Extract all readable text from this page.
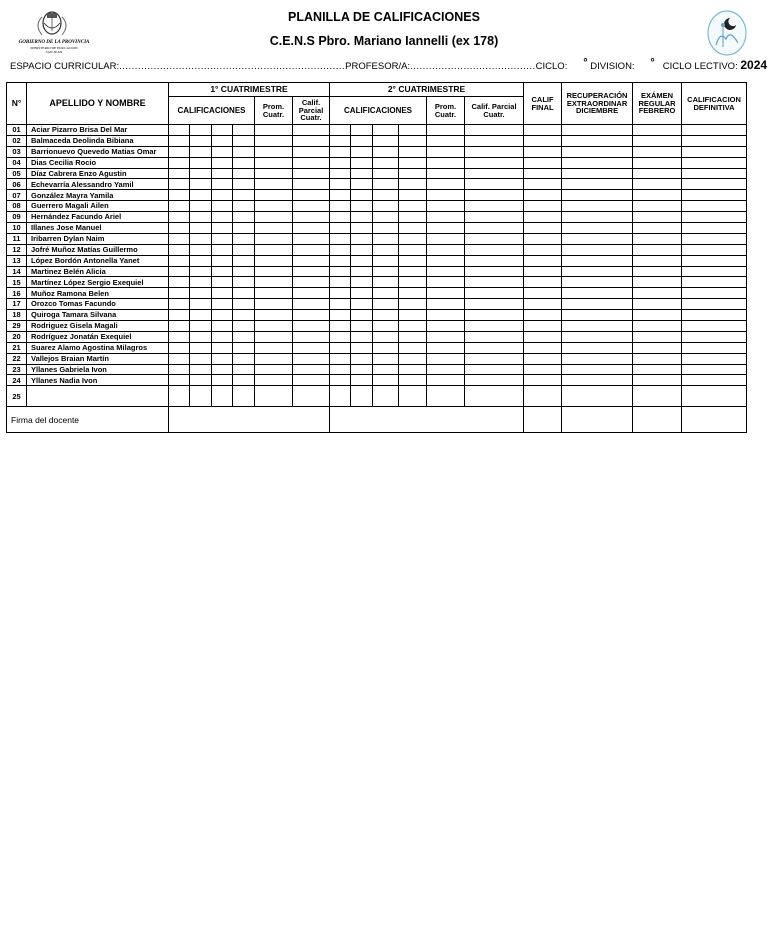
GOBIERNO DE LA PROVINCIA
MINISTERIO DE EDUCACION
SAN JUAN
PLANILLA DE CALIFICACIONES
C.E.N.S Pbro. Mariano Iannelli (ex 178)
ESPACIO CURRICULAR:........................................................................PROFESOR/A:........................................CICLO: ° DIVISION: ° CICLO LECTIVO: 2024
N°	APELLIDO Y NOMBRE	1° CUATRIMESTRE						2° CUATRIMESTRE						CALIF FINAL	RECUPERACIÓN EXTRAORDINAR DICIEMBRE	EXÁMEN REGULAR FEBRERO	CALIFICACION DEFINITIVA
		CALIFICACIONES				Prom. Cuatr.	Calif. Parcial Cuatr.	CALIFICACIONES				Prom. Cuatr.	Calif. Parcial Cuatr.				
01	Aciar Pizarro Brisa Del Mar																
02	Balmaceda Deolinda Bibiana																
03	Barrionuevo Quevedo Matias Omar																
04	Dias Cecilia Rocio																
05	Díaz Cabrera Enzo Agustin																
06	Echevarría Alessandro Yamil																
07	González Mayra Yamila																
08	Guerrero Magali Ailen																
09	Hernández Facundo Ariel																
10	Illanes Jose Manuel																
11	Iribarren Dylan Naim																
12	Jofré Muñoz Matías Guillermo																
13	López Bordón Antonella Yanet																
14	Martinez Belén Alicia																
15	Martínez López Sergio Exequiel																
16	Muñoz Ramona Belen																
17	Orozco Tomas Facundo																
18	Quiroga Tamara Silvana																
29	Rodriguez Gisela Magali																
20	Rodríguez Jonatán Exequiel																
21	Suarez Alamo Agostina Milagros																
22	Vallejos Braian Martín																
23	Yllanes Gabriela Ivon																
24	Yllanes Nadia Ivon																
25																	
Firma del docente																	
